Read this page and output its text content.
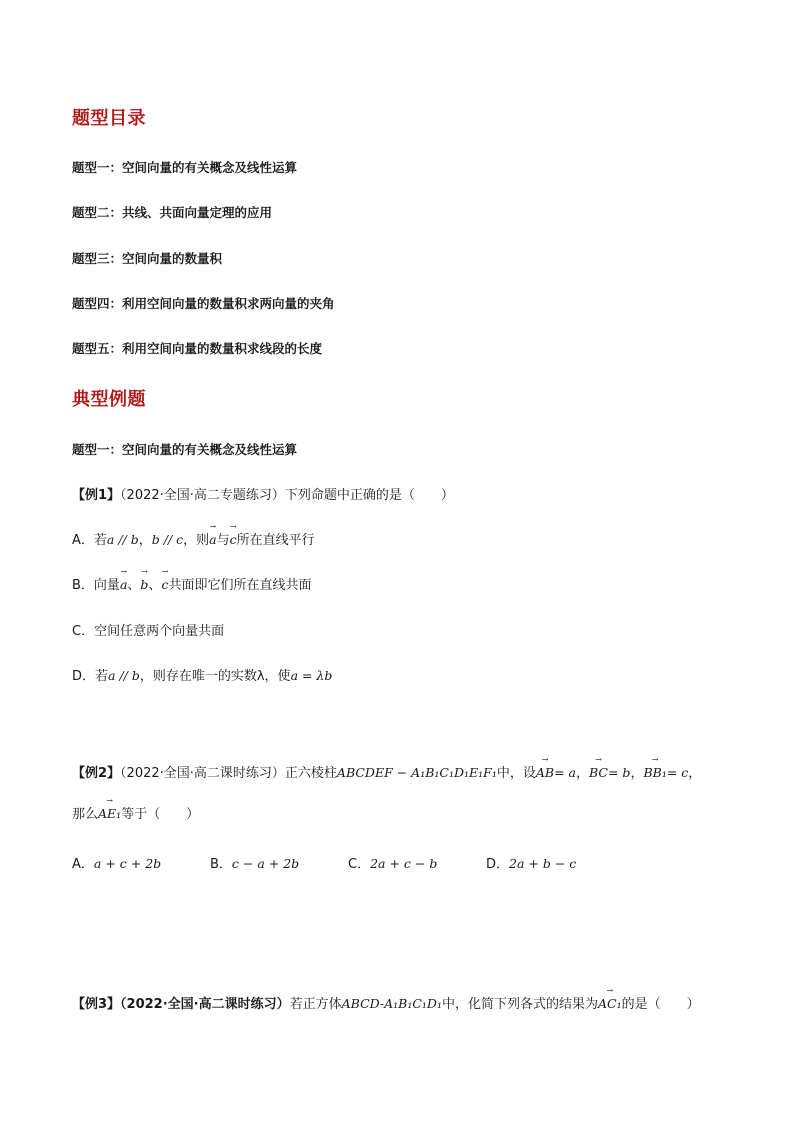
题型目录
题型一：空间向量的有关概念及线性运算
题型二：共线、共面向量定理的应用
题型三：空间向量的数量积
题型四：利用空间向量的数量积求两向量的夹角
题型五：利用空间向量的数量积求线段的长度
典型例题
题型一：空间向量的有关概念及线性运算
【例1】（2022·全国·高二专题练习）下列命题中正确的是（　　）
A．若a // b，b // c，则→ a与→ c所在直线平行
B．向量→ a、→ b、→ c共面即它们所在直线共面
C．空间任意两个向量共面
D．若a // b，则存在唯一的实数λ，使a = λb
【例2】（2022·全国·高二课时练习）正六棱柱ABCDEF − A₁B₁C₁D₁E₁F₁中，设→ AB= a，→ BC= b，→ BB₁= c，
那么→ AE₁等于（　　）
A．a + c + 2b	B．c − a + 2b	C．2a + c − b	D．2a + b − c
【例3】（2022·全国·高二课时练习）若正方体ABCD-A₁B₁C₁D₁中，化简下列各式的结果为→ AC₁的是（　　）
